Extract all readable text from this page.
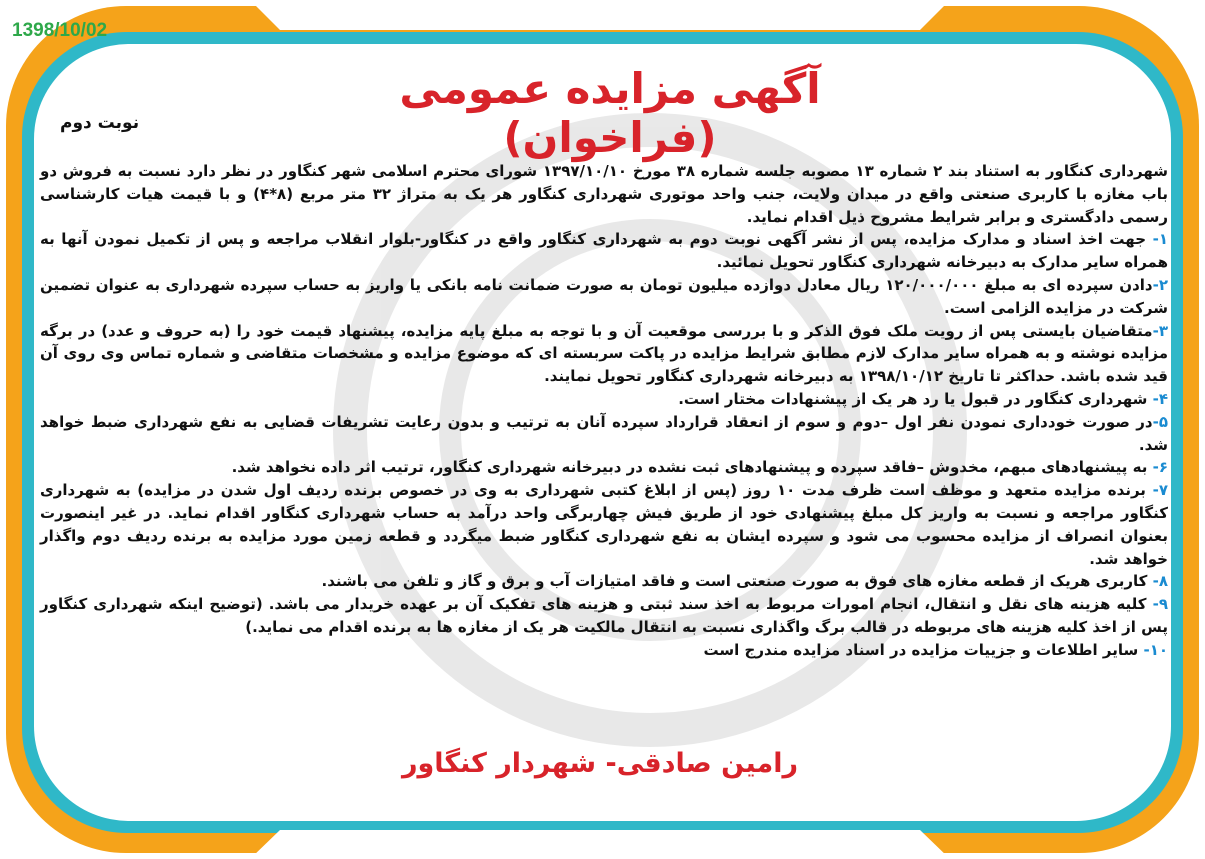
1398/10/02
آگهی مزایده عمومی (فراخوان)
نوبت دوم

شهرداری کنگاور به استناد بند ۲ شماره ۱۳ مصوبه جلسه شماره ۳۸ مورخ ۱۳۹۷/۱۰/۱۰ شورای محترم اسلامی شهر کنگاور در نظر دارد نسبت به فروش دو باب مغازه با کاربری صنعتی واقع در میدان ولایت، جنب واحد موتوری شهرداری کنگاور هر یک به متراژ ۳۲ متر مربع (۸*۴) و با قیمت هیات کارشناسی رسمی دادگستری و برابر شرایط مشروح ذیل اقدام نماید.

۱- جهت اخذ اسناد و مدارک مزایده، پس از نشر آگهی نوبت دوم به شهرداری کنگاور واقع در کنگاور-بلوار انقلاب مراجعه و پس از تکمیل نمودن آنها به همراه سایر مدارک به دبیرخانه شهرداری کنگاور تحویل نمائید.

۲-دادن سپرده ای به مبلغ ۱۲۰/۰۰۰/۰۰۰ ریال معادل دوازده میلیون تومان به صورت ضمانت نامه بانکی یا واریز به حساب سپرده شهرداری به عنوان تضمین شرکت در مزایده الزامی است.

۳-متقاضیان بایستی پس از رویت ملک فوق الذکر و با بررسی موقعیت آن و با توجه به مبلغ پایه مزایده، پیشنهاد قیمت خود را (به حروف و عدد) در برگه مزایده نوشته و به همراه سایر مدارک لازم مطابق شرایط مزایده در پاکت سربسته ای که موضوع مزایده و مشخصات متقاضی و شماره تماس وی روی آن قید شده باشد. حداکثر تا تاریخ ۱۳۹۸/۱۰/۱۲ به دبیرخانه شهرداری کنگاور تحویل نمایند.

۴- شهرداری کنگاور در قبول یا رد هر یک از پیشنهادات مختار است.

۵-در صورت خودداری نمودن نفر اول –دوم و سوم از انعقاد قرارداد سپرده آنان به ترتیب و بدون رعایت تشریفات قضایی به نفع شهرداری ضبط خواهد شد.

۶- به پیشنهادهای مبهم، مخدوش –فاقد سپرده و پیشنهادهای ثبت نشده در دبیرخانه شهرداری کنگاور، ترتیب اثر داده نخواهد شد.

۷- برنده مزایده متعهد و موظف است ظرف مدت ۱۰ روز (پس از ابلاغ کتبی شهرداری به وی در خصوص برنده ردیف اول شدن در مزایده) به شهرداری کنگاور مراجعه و نسبت به واریز کل مبلغ پیشنهادی خود از طریق فیش چهاربرگی واحد درآمد به حساب شهرداری کنگاور اقدام نماید. در غیر اینصورت بعنوان انصراف از مزایده محسوب می شود و سپرده ایشان به نفع شهرداری کنگاور ضبط میگردد و قطعه زمین مورد مزایده به برنده ردیف دوم واگذار خواهد شد.

۸- کاربری هریک از قطعه مغازه های فوق به صورت صنعتی است و فاقد امتیازات آب و برق و گاز و تلفن می باشند.

۹- کلیه هزینه های نقل و انتقال، انجام امورات مربوط به اخذ سند ثبتی و هزینه های تفکیک آن بر عهده خریدار می باشد. (توضیح اینکه شهرداری کنگاور پس از اخذ کلیه هزینه های مربوطه در قالب برگ واگذاری نسبت به انتقال مالکیت هر یک از مغازه ها به برنده اقدام می نماید.)

۱۰- سایر اطلاعات و جزییات مزایده در اسناد مزایده مندرج است

رامین صادقی- شهردار کنگاور
